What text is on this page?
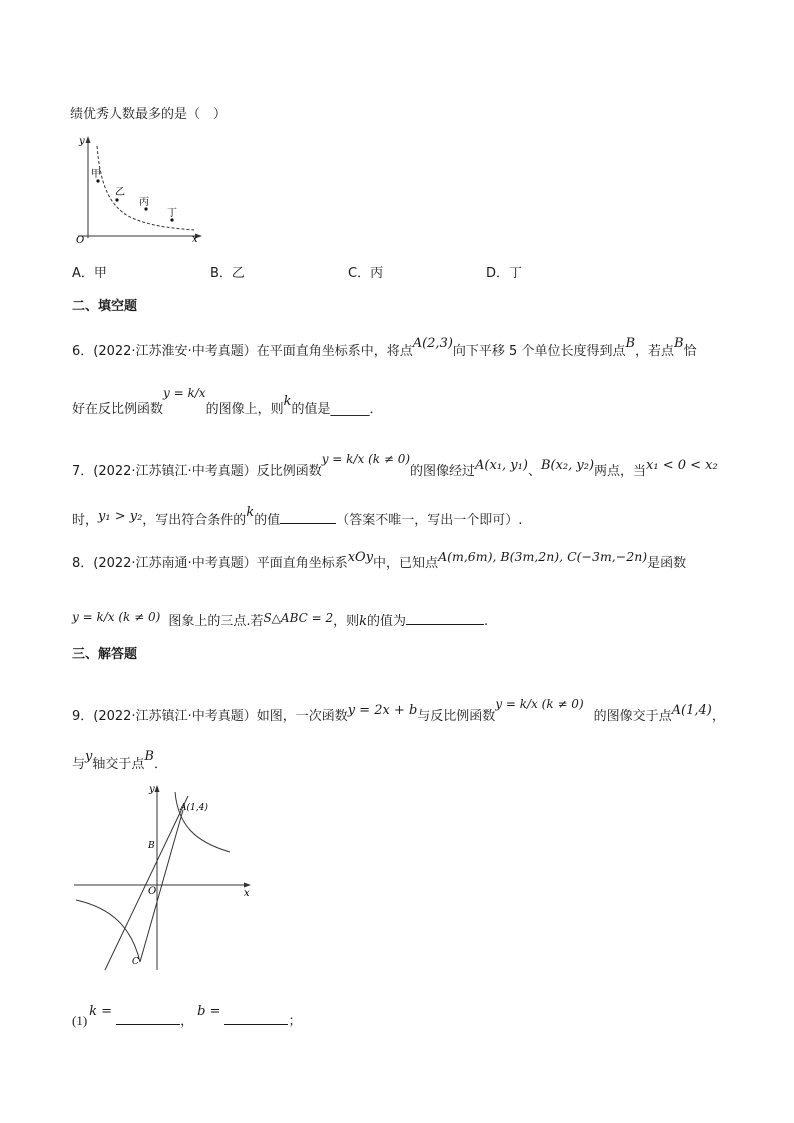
绩优秀人数最多的是（　）
y
x
O
甲
乙
丙
丁
A．甲	B．乙	C．丙	D．丁
二、填空题
6．(2022·江苏淮安·中考真题）在平面直角坐标系中，将点A(2,3)向下平移 5 个单位长度得到点B，若点B恰
好在反比例函数y = k/x的图像上，则k的值是______．
7．(2022·江苏镇江·中考真题）反比例函数y = k/x (k ≠ 0)的图像经过A(x₁, y₁)、B(x₂, y₂)两点，当x₁ < 0 < x₂
时，y₁ > y₂，写出符合条件的k的值	（答案不唯一，写出一个即可）.
8．(2022·江苏南通·中考真题）平面直角坐标系xOy中，已知点A(m,6m), B(3m,2n), C(−3m,−2n)是函数
y = k/x (k ≠ 0) 图象上的三点.若S△ABC = 2，则k的值为	.
三、解答题
9．(2022·江苏镇江·中考真题）如图，一次函数y = 2x + b与反比例函数y = k/x (k ≠ 0)的图像交于点A(1,4)，
与y轴交于点B．
y
x
O
A(1,4)
B
C
(1)k =，b =；
